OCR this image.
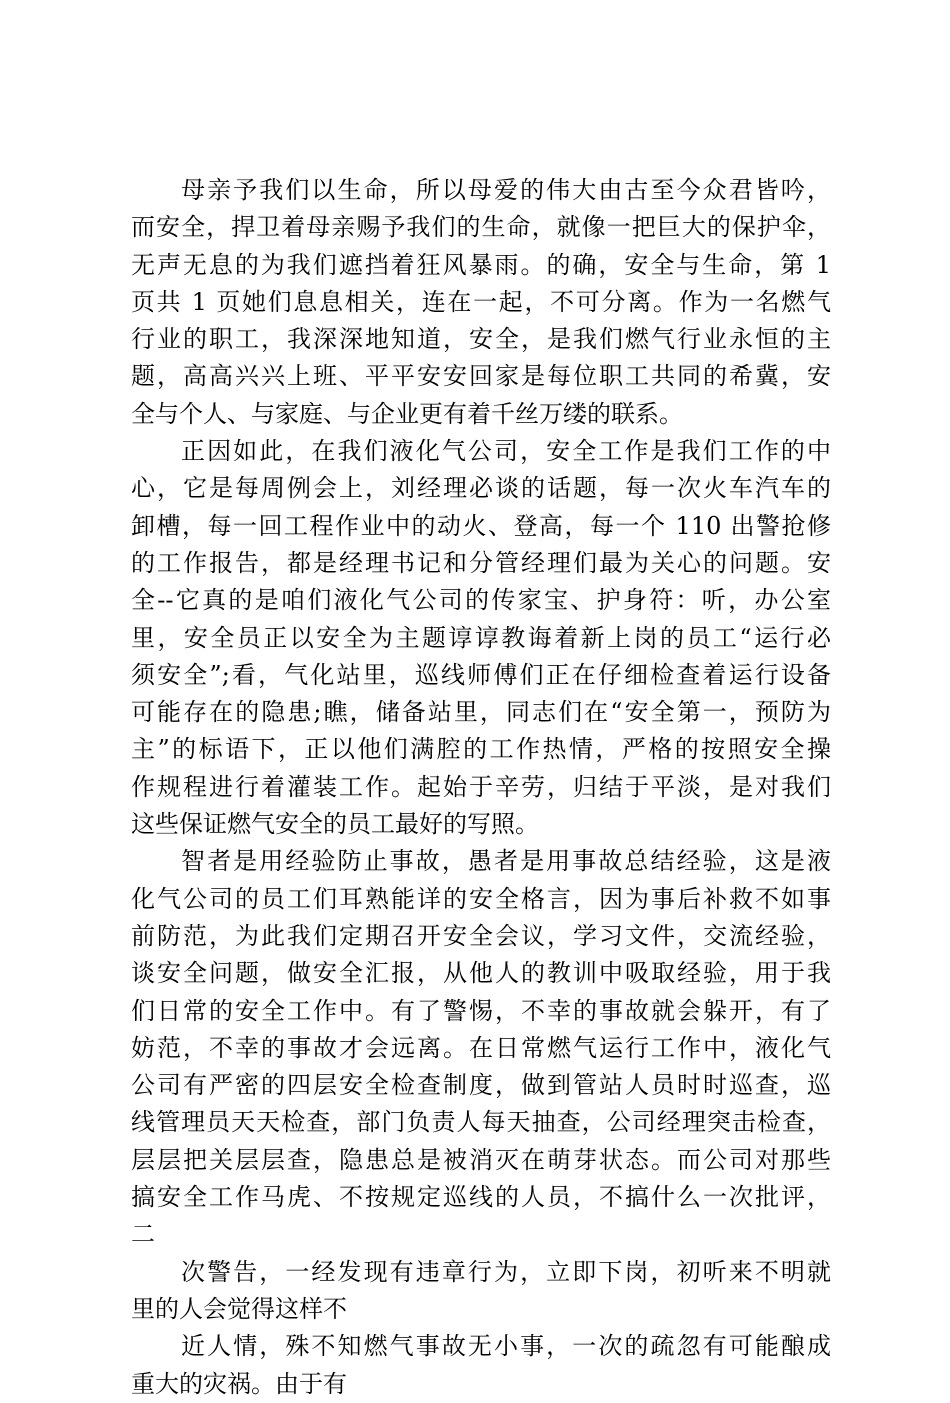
母亲予我们以生命，所以母爱的伟大由古至今众君皆吟，
而安全，捍卫着母亲赐予我们的生命，就像一把巨大的保护伞，
无声无息的为我们遮挡着狂风暴雨。的确，安全与生命，第 1
页共 1 页她们息息相关，连在一起，不可分离。作为一名燃气
行业的职工，我深深地知道，安全，是我们燃气行业永恒的主
题，高高兴兴上班、平平安安回家是每位职工共同的希冀，安
全与个人、与家庭、与企业更有着千丝万缕的联系。
正因如此，在我们液化气公司，安全工作是我们工作的中
心，它是每周例会上，刘经理必谈的话题，每一次火车汽车的
卸槽，每一回工程作业中的动火、登高，每一个 110 出警抢修
的工作报告，都是经理书记和分管经理们最为关心的问题。安
全--它真的是咱们液化气公司的传家宝、护身符：听，办公室
里，安全员正以安全为主题谆谆教诲着新上岗的员工“运行必
须安全”;看，气化站里，巡线师傅们正在仔细检查着运行设备
可能存在的隐患;瞧，储备站里，同志们在“安全第一，预防为
主”的标语下，正以他们满腔的工作热情，严格的按照安全操
作规程进行着灌装工作。起始于辛劳，归结于平淡，是对我们
这些保证燃气安全的员工最好的写照。
智者是用经验防止事故，愚者是用事故总结经验，这是液
化气公司的员工们耳熟能详的安全格言，因为事后补救不如事
前防范，为此我们定期召开安全会议，学习文件，交流经验，
谈安全问题，做安全汇报，从他人的教训中吸取经验，用于我
们日常的安全工作中。有了警惕，不幸的事故就会躲开，有了
妨范，不幸的事故才会远离。在日常燃气运行工作中，液化气
公司有严密的四层安全检查制度，做到管站人员时时巡查，巡
线管理员天天检查，部门负责人每天抽查，公司经理突击检查，
层层把关层层查，隐患总是被消灭在萌芽状态。而公司对那些
搞安全工作马虎、不按规定巡线的人员，不搞什么一次批评，
二
次警告，一经发现有违章行为，立即下岗，初听来不明就
里的人会觉得这样不
近人情，殊不知燃气事故无小事，一次的疏忽有可能酿成
重大的灾祸。由于有
